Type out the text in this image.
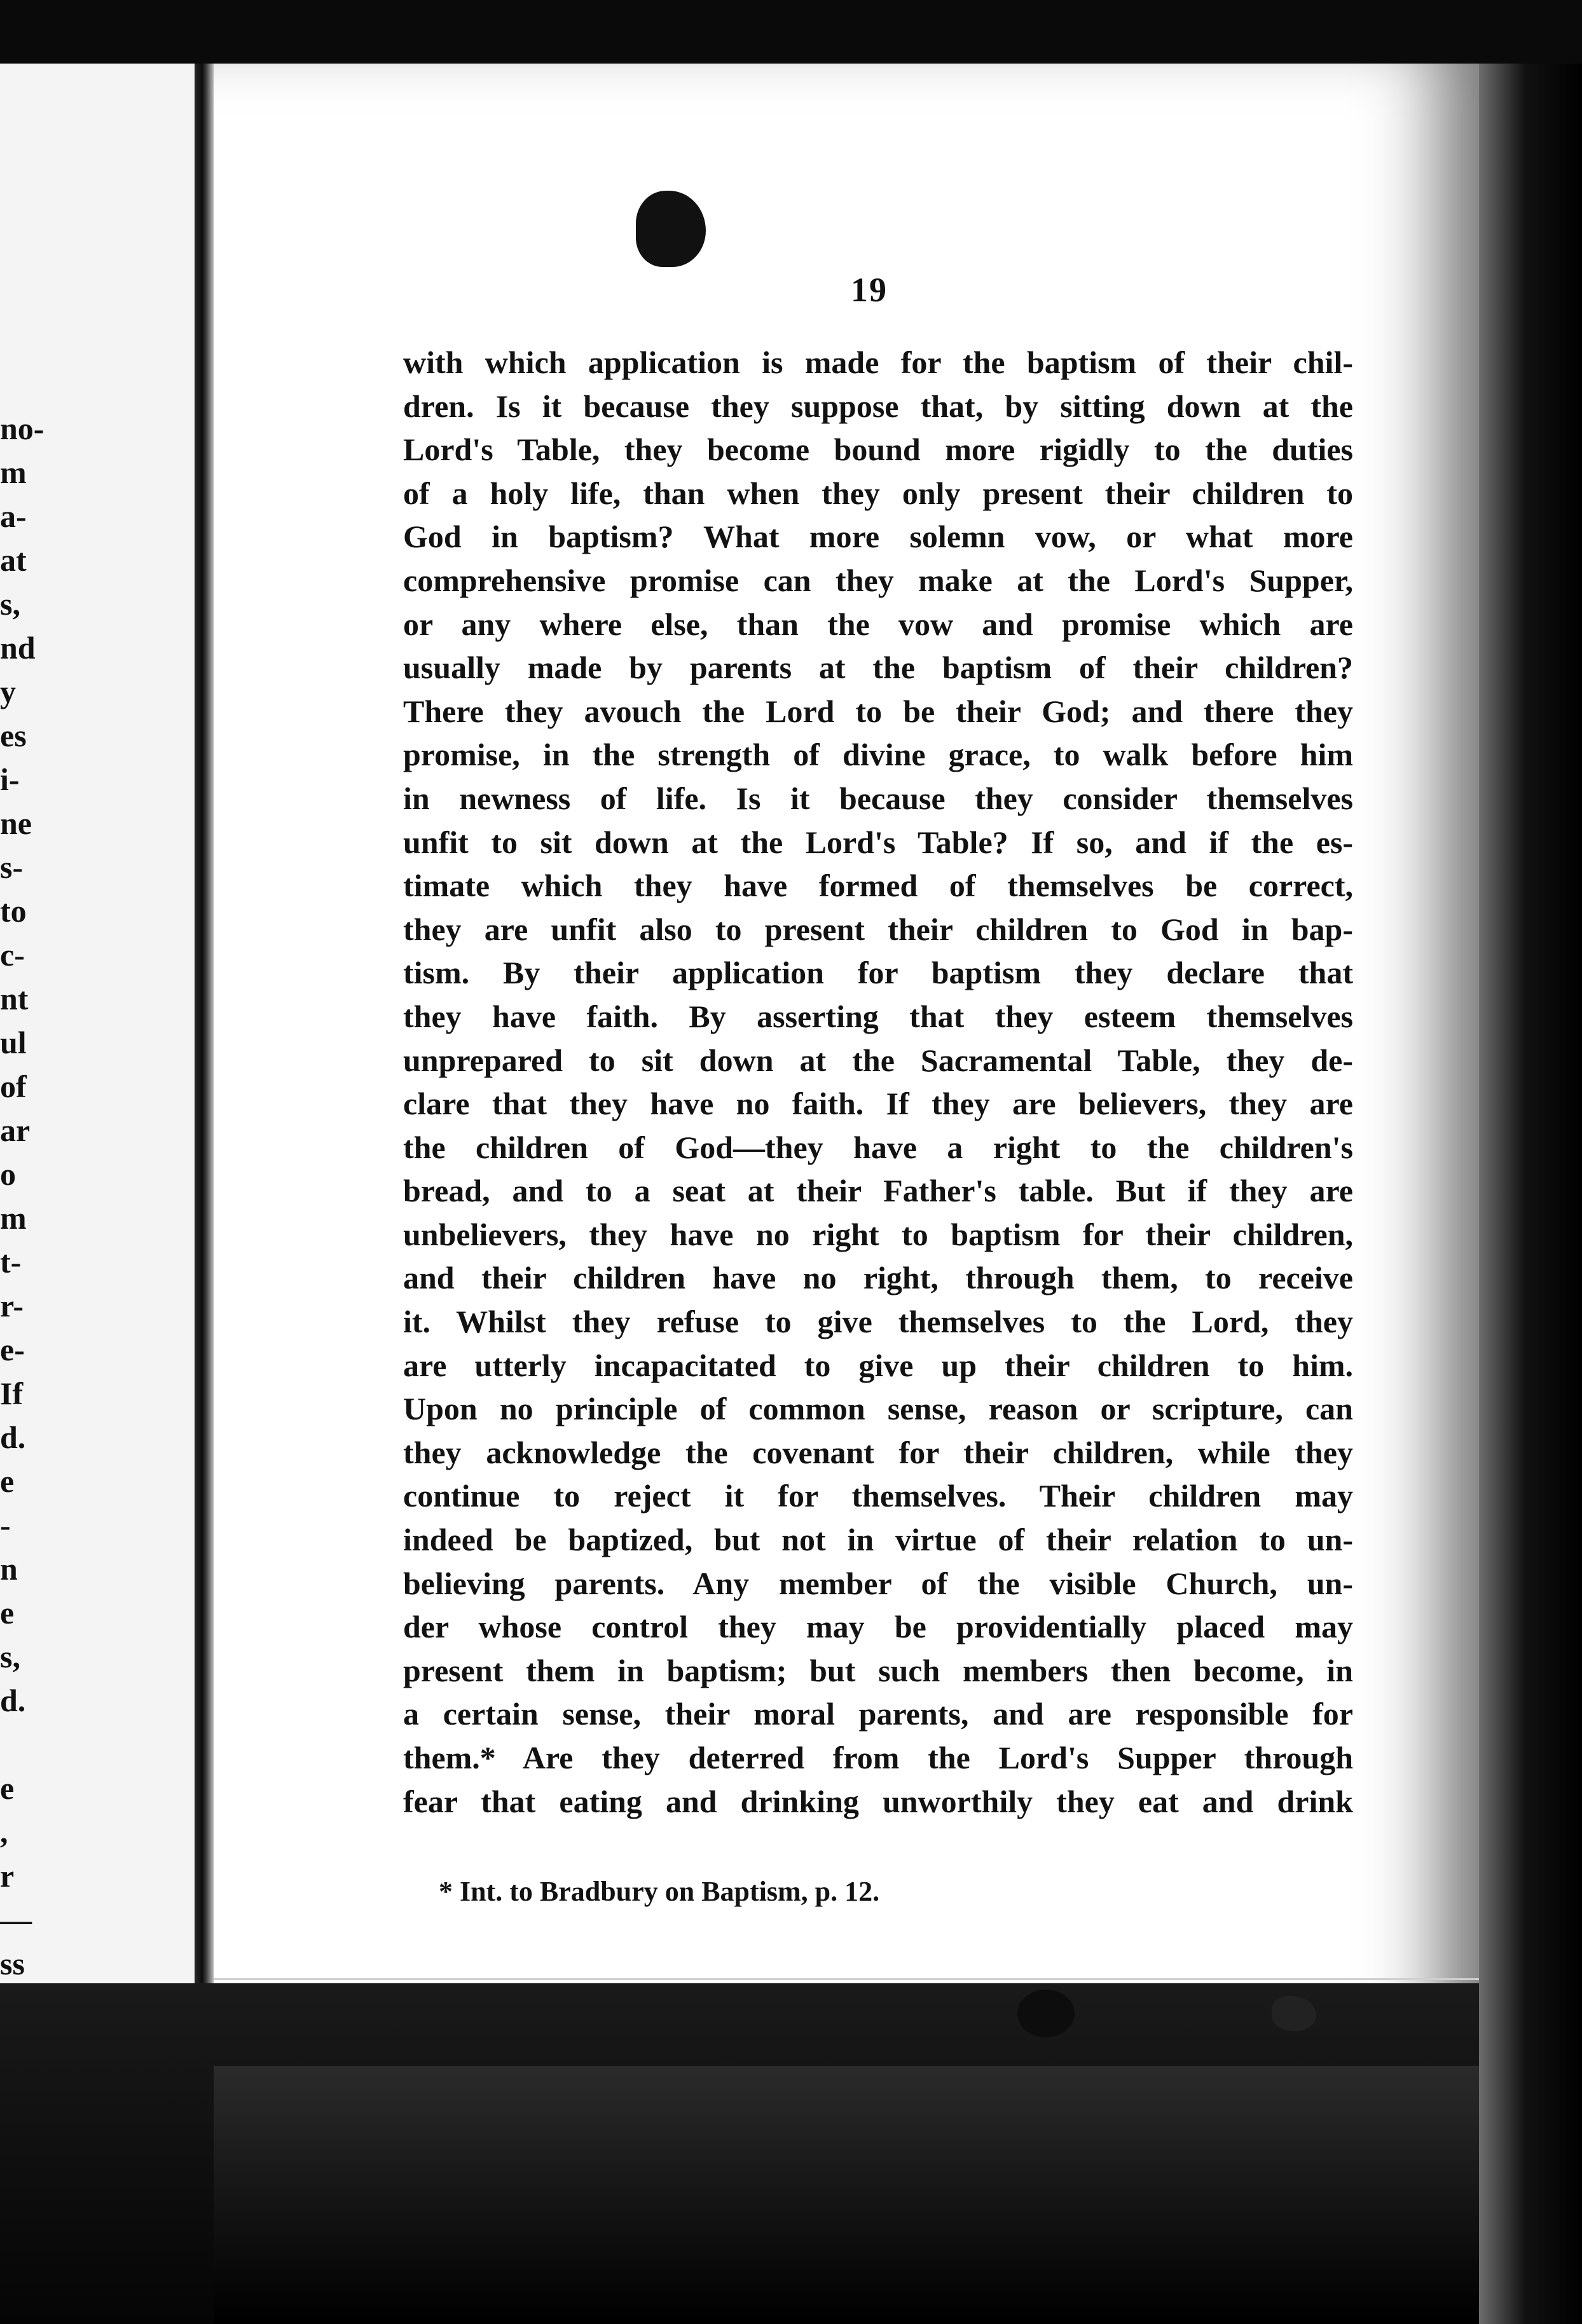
no-
m
a-
at
s,
nd
y
es
i-
ne
s-
to
c-
nt
ul
of
ar
o
m
t-
r-
e-
If
d.
e
-
n
e
s,
d.
e
,
r
—
ss
19
with which application is made for the baptism of their chil-
dren. Is it because they suppose that, by sitting down at the
Lord's Table, they become bound more rigidly to the duties
of a holy life, than when they only present their children to
God in baptism? What more solemn vow, or what more
comprehensive promise can they make at the Lord's Supper,
or any where else, than the vow and promise which are
usually made by parents at the baptism of their children?
There they avouch the Lord to be their God; and there they
promise, in the strength of divine grace, to walk before him
in newness of life. Is it because they consider themselves
unfit to sit down at the Lord's Table? If so, and if the es-
timate which they have formed of themselves be correct,
they are unfit also to present their children to God in bap-
tism. By their application for baptism they declare that
they have faith. By asserting that they esteem themselves
unprepared to sit down at the Sacramental Table, they de-
clare that they have no faith. If they are believers, they are
the children of God—they have a right to the children's
bread, and to a seat at their Father's table. But if they are
unbelievers, they have no right to baptism for their children,
and their children have no right, through them, to receive
it. Whilst they refuse to give themselves to the Lord, they
are utterly incapacitated to give up their children to him.
Upon no principle of common sense, reason or scripture, can
they acknowledge the covenant for their children, while they
continue to reject it for themselves. Their children may
indeed be baptized, but not in virtue of their relation to un-
believing parents. Any member of the visible Church, un-
der whose control they may be providentially placed may
present them in baptism; but such members then become, in
a certain sense, their moral parents, and are responsible for
them.* Are they deterred from the Lord's Supper through
fear that eating and drinking unworthily they eat and drink
* Int. to Bradbury on Baptism, p. 12.
